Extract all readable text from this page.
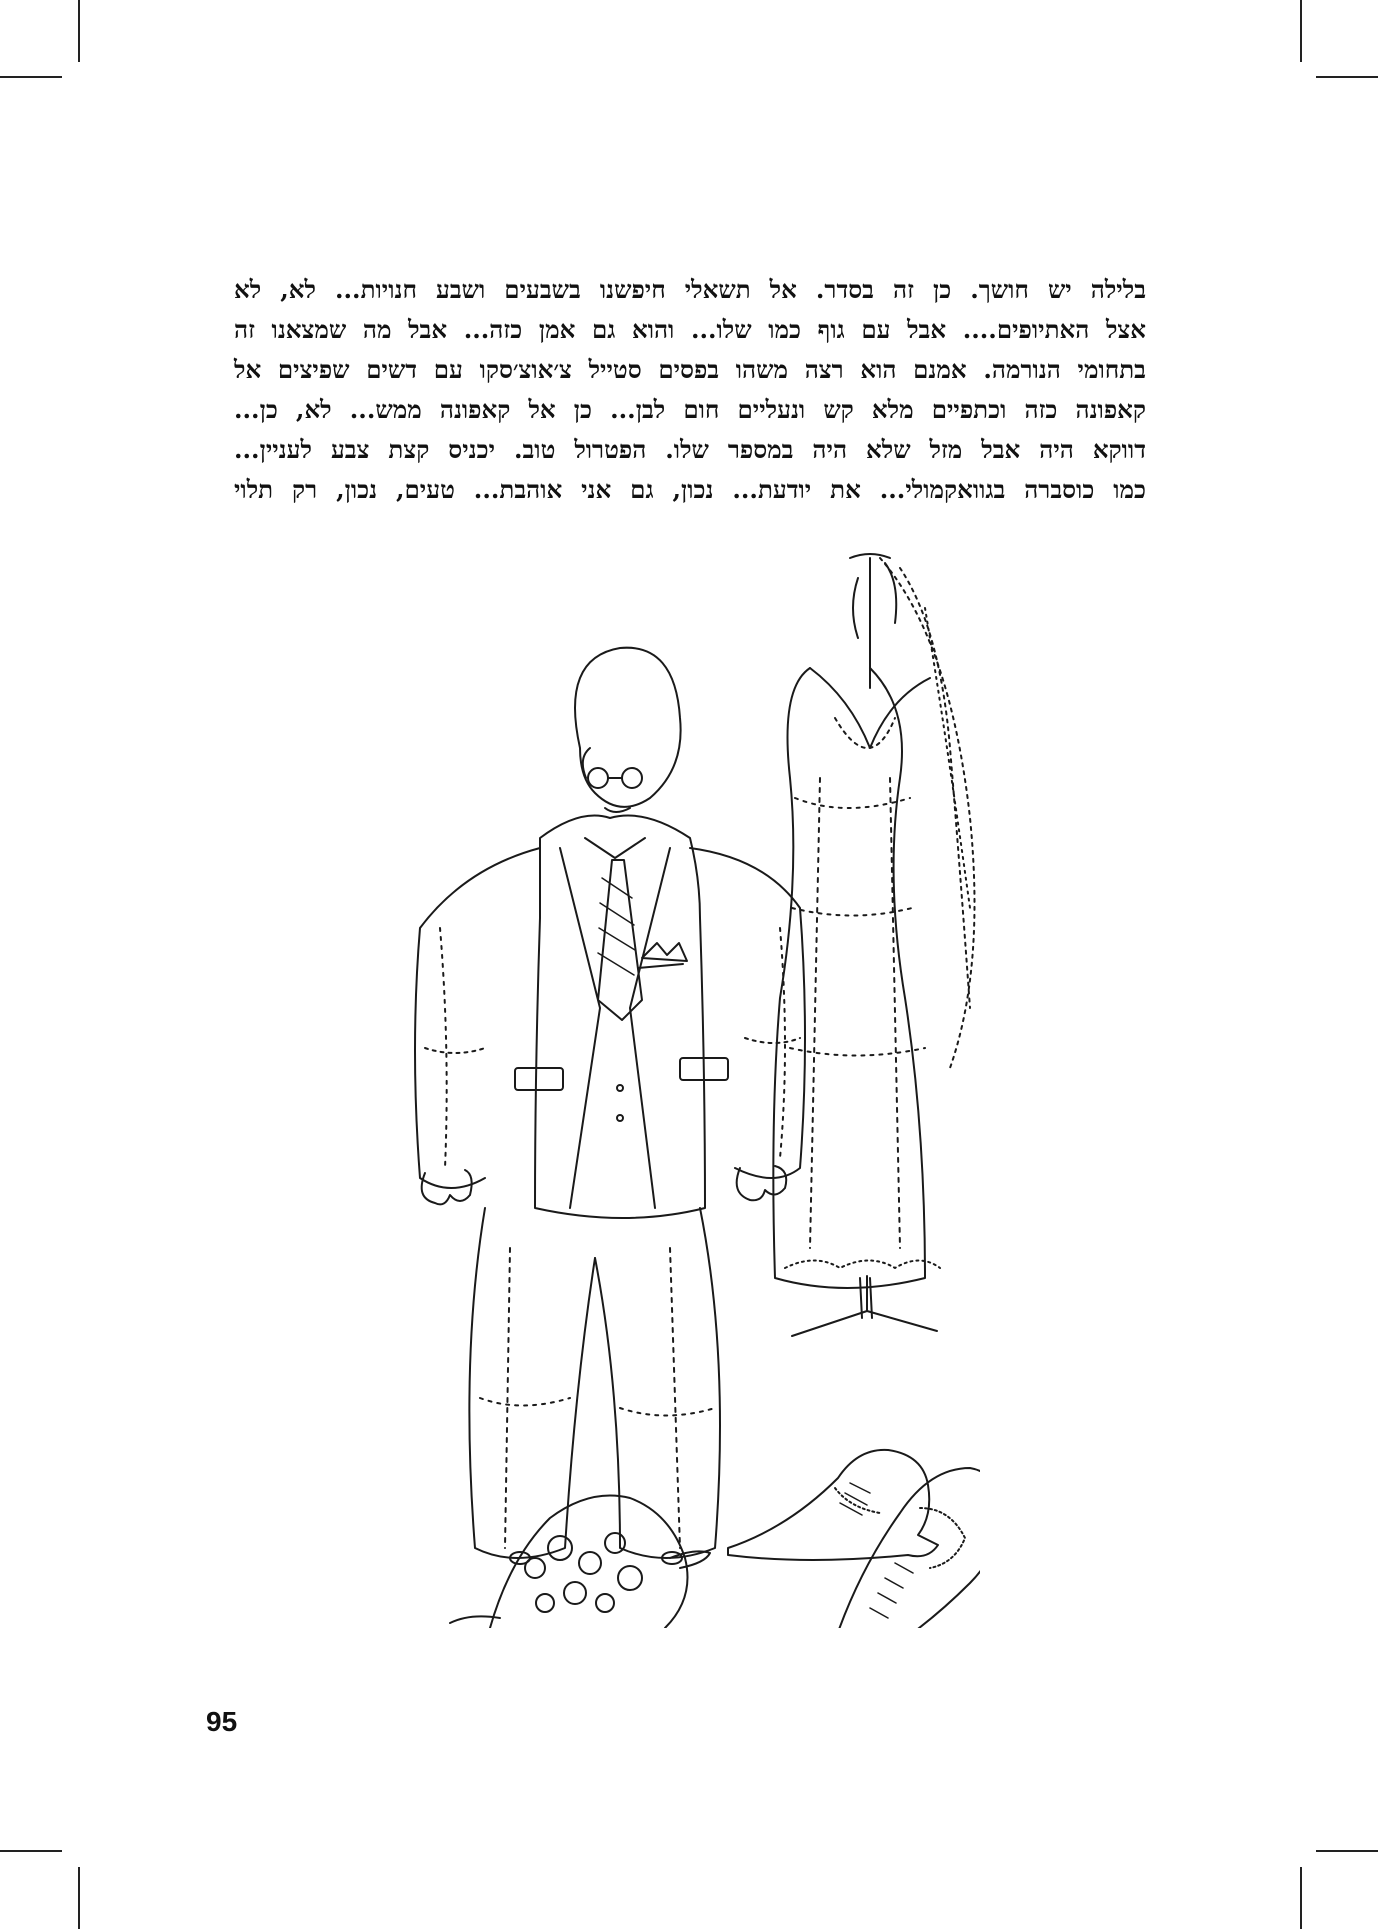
בלילה יש חושך. כן זה בסדר. אל תשאלי חיפשנו בשבעים ושבע חנויות... לא, לא
אצל האתיופים.... אבל עם גוף כמו שלו... והוא גם אמן כזה... אבל מה שמצאנו זה
בתחומי הנורמה. אמנם הוא רצה משהו בפסים סטייל צ׳אוצ׳סקו עם דשים שפיצים אל
קאפונה כזה וכתפיים מלא קש ונעליים חום לבן... כן אל קאפונה ממש... לא, כן...
דווקא היה אבל מזל שלא היה במספר שלו. הפטרול טוב. יכניס קצת צבע לעניין...
כמו כוסברה בגוואקמולי... את יודעת... נכון, גם אני אוהבת... טעים, נכון, רק תלוי
95
